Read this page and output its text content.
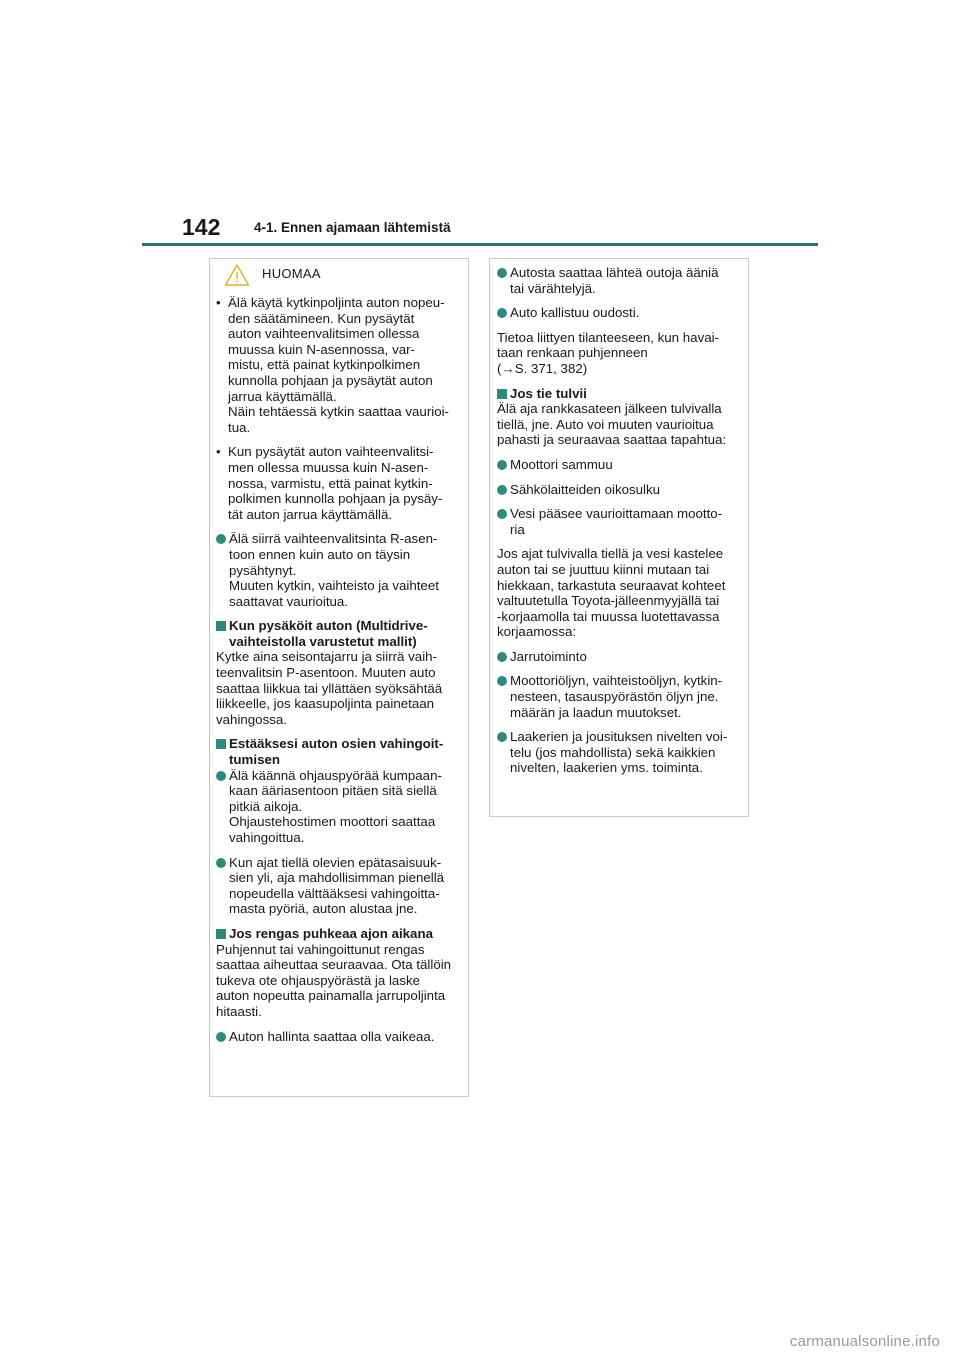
142 4-1. Ennen ajamaan lähtemistä
HUOMAA
• Älä käytä kytkinpoljinta auton nopeu-
den säätämineen. Kun pysäytät
auton vaihteenvalitsimen ollessa
muussa kuin N-asennossa, var-
mistu, että painat kytkinpolkimen
kunnolla pohjaan ja pysäytät auton
jarrua käyttämällä.
Näin tehtäessä kytkin saattaa vaurioi-
tua.
• Kun pysäytät auton vaihteenvalitsi-
men ollessa muussa kuin N-asen-
nossa, varmistu, että painat kytkin-
polkimen kunnolla pohjaan ja pysäy-
tät auton jarrua käyttämällä.
Älä siirrä vaihteenvalitsinta R-asen-
toon ennen kuin auto on täysin
pysähtynyt.
Muuten kytkin, vaihteisto ja vaihteet
saattavat vaurioitua.
Kun pysäköit auton (Multidrive-
vaihteistolla varustetut mallit)
Kytke aina seisontajarru ja siirrä vaih-
teenvalitsin P-asentoon. Muuten auto
saattaa liikkua tai yllättäen syöksähtää
liikkeelle, jos kaasupoljinta painetaan
vahingossa.
Estääksesi auton osien vahingoit-
tumisen
Älä käännä ohjauspyörää kumpaan-
kaan ääriasentoon pitäen sitä siellä
pitkiä aikoja.
Ohjaustehostimen moottori saattaa
vahingoittua.
Kun ajat tiellä olevien epätasaisuuk-
sien yli, aja mahdollisimman pienellä
nopeudella välttääksesi vahingoitta-
masta pyöriä, auton alustaa jne.
Jos rengas puhkeaa ajon aikana
Puhjennut tai vahingoittunut rengas
saattaa aiheuttaa seuraavaa. Ota tällöin
tukeva ote ohjauspyörästä ja laske
auton nopeutta painamalla jarrupoljinta
hitaasti.
Auton hallinta saattaa olla vaikeaa.
Autosta saattaa lähteä outoja ääniä
tai värähtelyjä.
Auto kallistuu oudosti.
Tietoa liittyen tilanteeseen, kun havai-
taan renkaan puhjenneen
(→S. 371, 382)
Jos tie tulvii
Älä aja rankkasateen jälkeen tulvivalla
tiellä, jne. Auto voi muuten vaurioitua
pahasti ja seuraavaa saattaa tapahtua:
Moottori sammuu
Sähkölaitteiden oikosulku
Vesi pääsee vaurioittamaan mootto-
ria
Jos ajat tulvivalla tiellä ja vesi kastelee
auton tai se juuttuu kiinni mutaan tai
hiekkaan, tarkastuta seuraavat kohteet
valtuutetulla Toyota-jälleenmyyjällä tai
-korjaamolla tai muussa luotettavassa
korjaamossa:
Jarrutoiminto
Moottoriöljyn, vaihteistoöljyn, kytkin-
nesteen, tasauspyörästön öljyn jne.
määrän ja laadun muutokset.
Laakerien ja jousituksen nivelten voi-
telu (jos mahdollista) sekä kaikkien
nivelten, laakerien yms. toiminta.
carmanualsonline.info
